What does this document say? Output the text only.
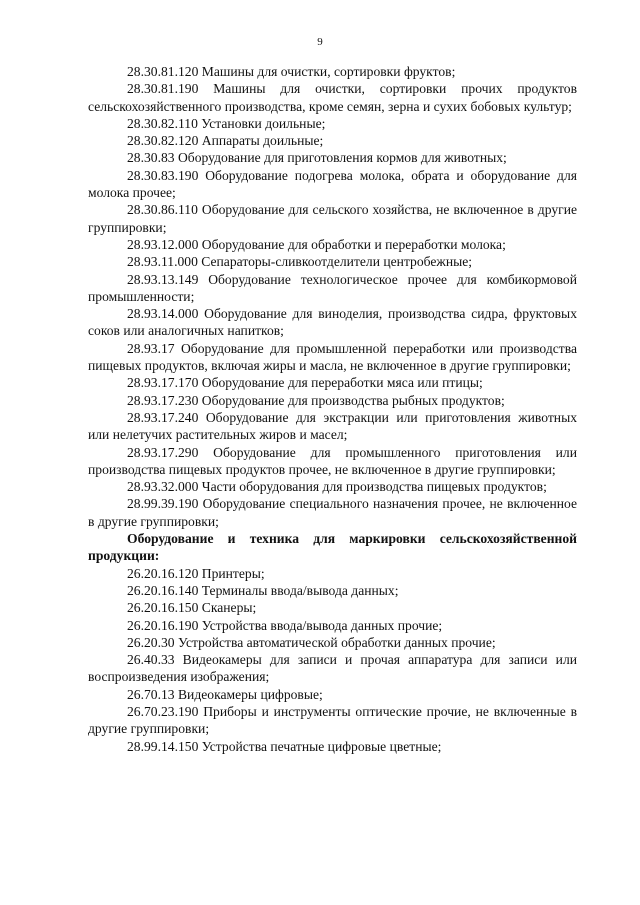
9

28.30.81.120 Машины для очистки, сортировки фруктов;

28.30.81.190 Машины для очистки, сортировки прочих продуктов сельскохозяйственного производства, кроме семян, зерна и сухих бобовых культур;

28.30.82.110 Установки доильные;

28.30.82.120 Аппараты доильные;

28.30.83 Оборудование для приготовления кормов для животных;

28.30.83.190 Оборудование подогрева молока, обрата и оборудование для молока прочее;

28.30.86.110 Оборудование для сельского хозяйства, не включенное в другие группировки;

28.93.12.000 Оборудование для обработки и переработки молока;

28.93.11.000 Сепараторы-сливкоотделители центробежные;

28.93.13.149 Оборудование технологическое прочее для комбикормовой промышленности;

28.93.14.000 Оборудование для виноделия, производства сидра, фруктовых соков или аналогичных напитков;

28.93.17 Оборудование для промышленной переработки или производства пищевых продуктов, включая жиры и масла, не включенное в другие группировки;

28.93.17.170 Оборудование для переработки мяса или птицы;

28.93.17.230 Оборудование для производства рыбных продуктов;

28.93.17.240 Оборудование для экстракции или приготовления животных или нелетучих растительных жиров и масел;

28.93.17.290 Оборудование для промышленного приготовления или производства пищевых продуктов прочее, не включенное в другие группировки;

28.93.32.000 Части оборудования для производства пищевых продуктов;

28.99.39.190 Оборудование специального назначения прочее, не включенное в другие группировки;

Оборудование и техника для маркировки сельскохозяйственной продукции:

26.20.16.120 Принтеры;

26.20.16.140 Терминалы ввода/вывода данных;

26.20.16.150 Сканеры;

26.20.16.190 Устройства ввода/вывода данных прочие;

26.20.30 Устройства автоматической обработки данных прочие;

26.40.33 Видеокамеры для записи и прочая аппаратура для записи или воспроизведения изображения;

26.70.13 Видеокамеры цифровые;

26.70.23.190 Приборы и инструменты оптические прочие, не включенные в другие группировки;

28.99.14.150 Устройства печатные цифровые цветные;
